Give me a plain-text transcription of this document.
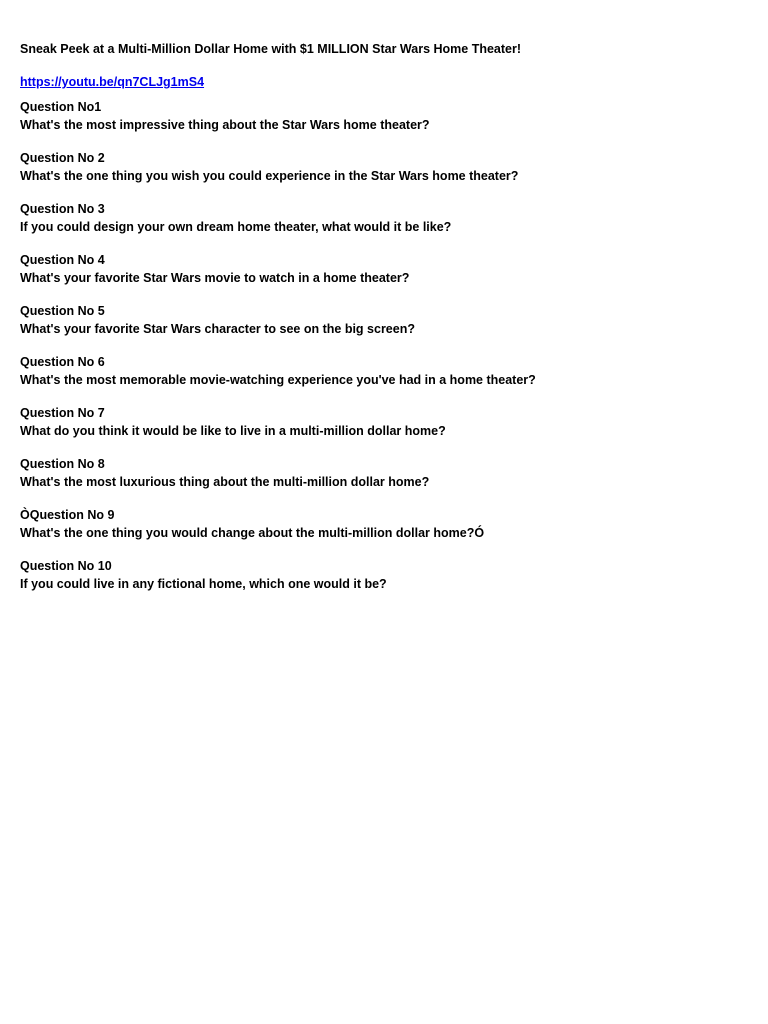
Sneak Peek at a Multi-Million Dollar Home with $1 MILLION Star Wars Home Theater!

https://youtu.be/qn7CLJg1mS4
Question No1
What's the most impressive thing about the Star Wars home theater?
Question No 2
What's the one thing you wish you could experience in the Star Wars home theater?
Question No 3
If you could design your own dream home theater, what would it be like?
Question No 4
What's your favorite Star Wars movie to watch in a home theater?
Question No 5
What's your favorite Star Wars character to see on the big screen?
Question No 6
What's the most memorable movie-watching experience you've had in a home theater?
Question No 7
What do you think it would be like to live in a multi-million dollar home?
Question No 8
What's the most luxurious thing about the multi-million dollar home?
ÒQuestion No 9
What's the one thing you would change about the multi-million dollar home?Ó
Question No 10
If you could live in any fictional home, which one would it be?
